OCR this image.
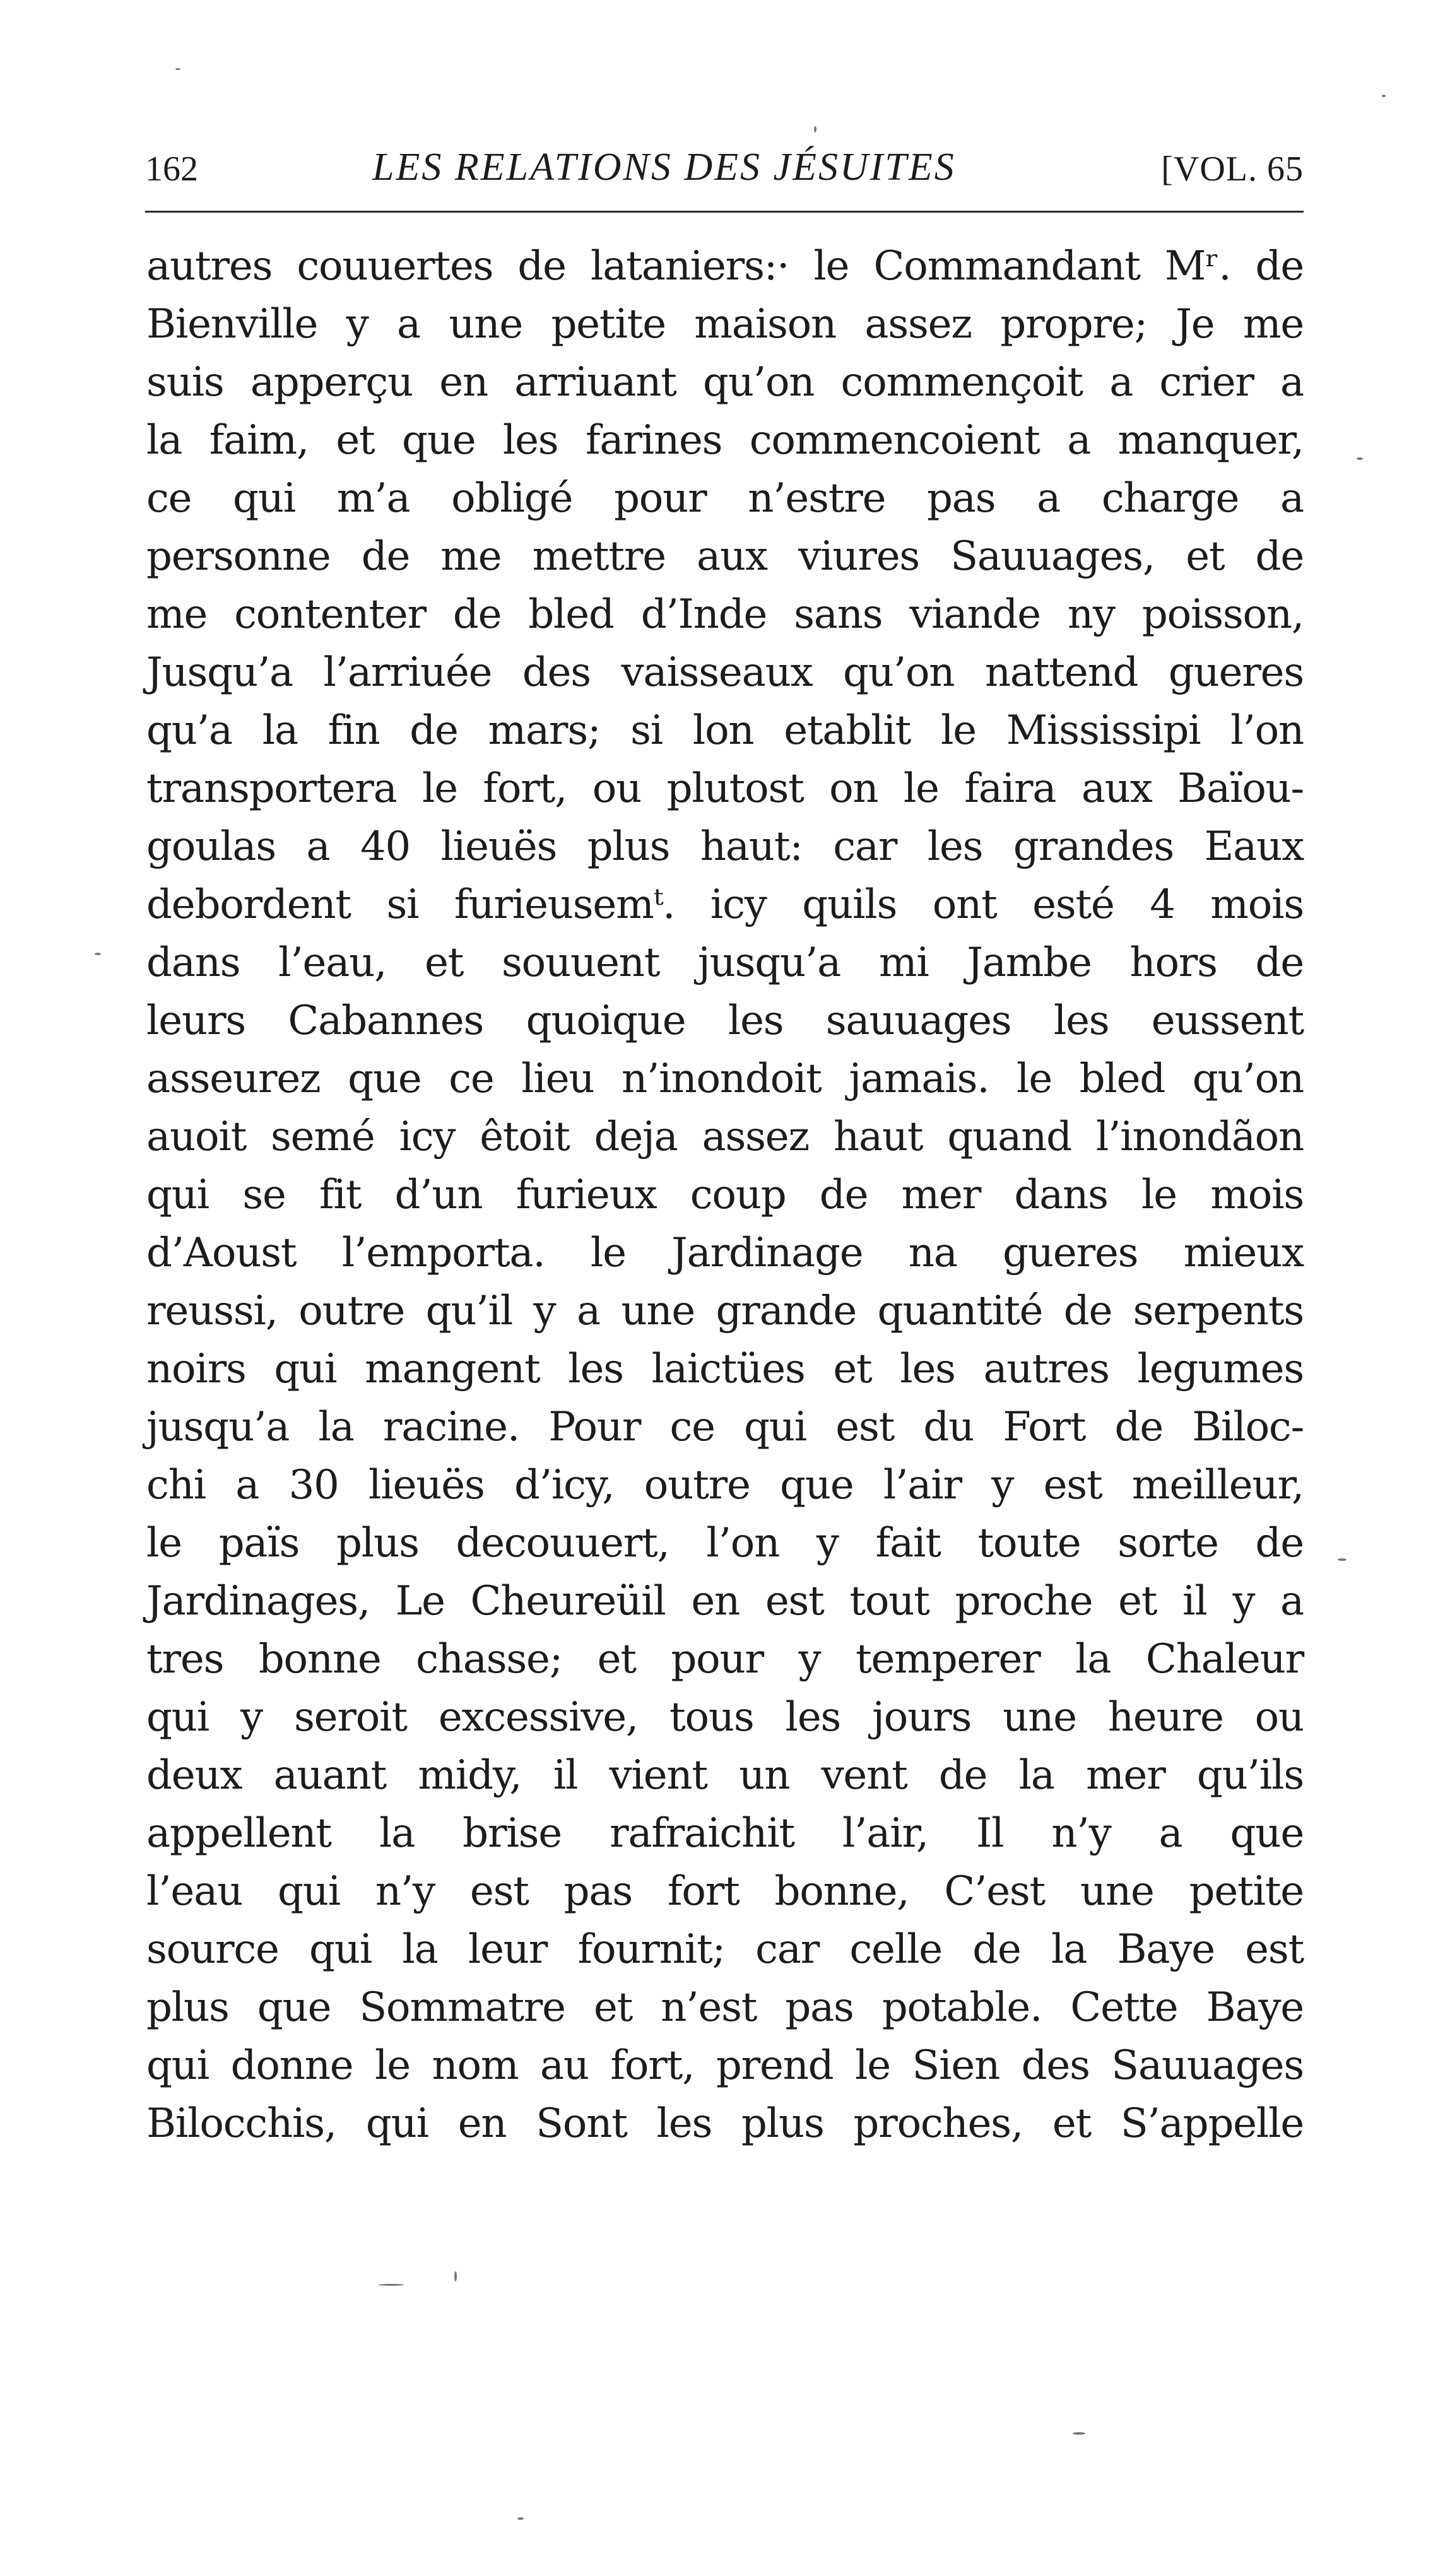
162	LES RELATIONS DES JÉSUITES	[VOL. 65
autres couuertes de lataniers:· le Commandant Mʳ. de
Bienville y a une petite maison assez propre; Je me
suis apperçu en arriuant qu’on commençoit a crier a
la faim, et que les farines commencoient a manquer,
ce qui m’a obligé pour n’estre pas a charge a
personne de me mettre aux viures Sauuages, et de
me contenter de bled d’Inde sans viande ny poisson,
Jusqu’a l’arriuée des vaisseaux qu’on nattend gueres
qu’a la fin de mars; si lon etablit le Mississipi l’on
transportera le fort, ou plutost on le faira aux Baïou-
goulas a 40 lieuës plus haut: car les grandes Eaux
debordent si furieusemᵗ. icy quils ont esté 4 mois
dans l’eau, et souuent jusqu’a mi Jambe hors de
leurs Cabannes quoique les sauuages les eussent
asseurez que ce lieu n’inondoit jamais. le bled qu’on
auoit semé icy êtoit deja assez haut quand l’inondãon
qui se fit d’un furieux coup de mer dans le mois
d’Aoust l’emporta. le Jardinage na gueres mieux
reussi, outre qu’il y a une grande quantité de serpents
noirs qui mangent les laictües et les autres legumes
jusqu’a la racine. Pour ce qui est du Fort de Biloc-
chi a 30 lieuës d’icy, outre que l’air y est meilleur,
le païs plus decouuert, l’on y fait toute sorte de
Jardinages, Le Cheureüil en est tout proche et il y a
tres bonne chasse; et pour y temperer la Chaleur
qui y seroit excessive, tous les jours une heure ou
deux auant midy, il vient un vent de la mer qu’ils
appellent la brise rafraichit l’air, Il n’y a que
l’eau qui n’y est pas fort bonne, C’est une petite
source qui la leur fournit; car celle de la Baye est
plus que Sommatre et n’est pas potable. Cette Baye
qui donne le nom au fort, prend le Sien des Sauuages
Bilocchis, qui en Sont les plus proches, et S’appelle
